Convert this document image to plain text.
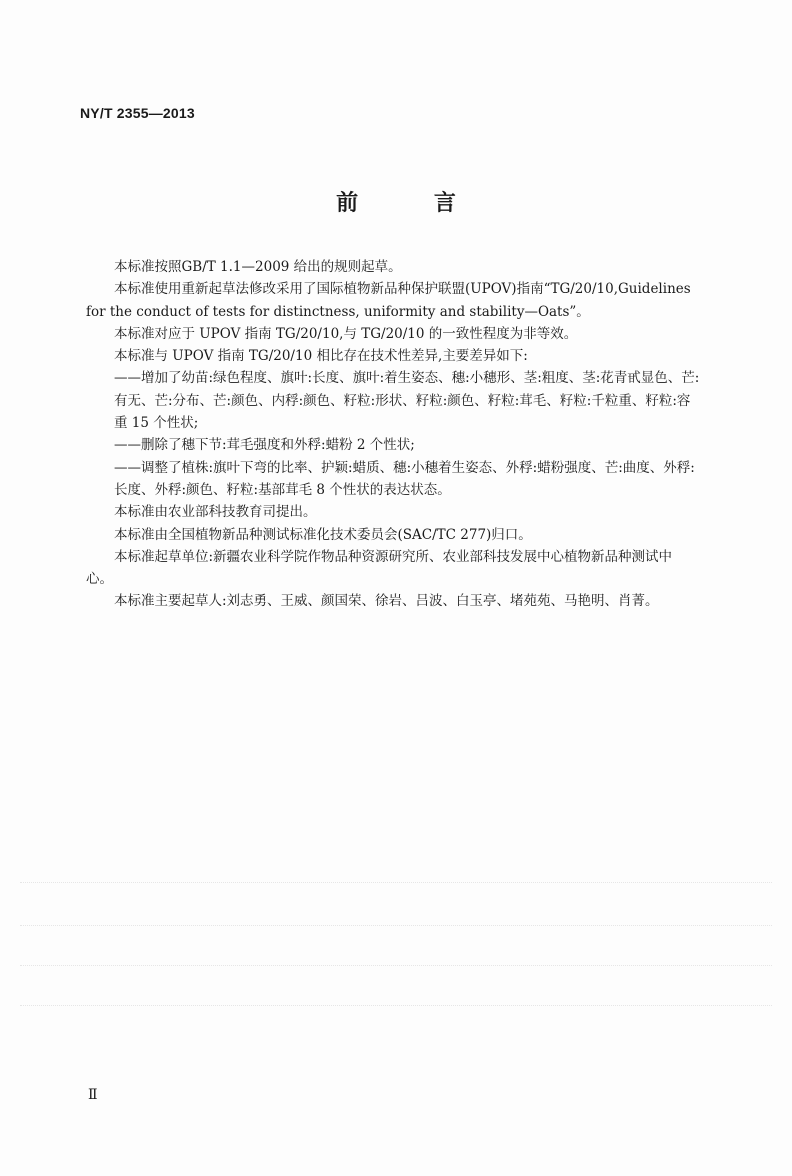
NY/T 2355—2013
前 言

本标准按照GB/T 1.1—2009 给出的规则起草。

本标准使用重新起草法修改采用了国际植物新品种保护联盟(UPOV)指南“TG/20/10,Guidelines

for the conduct of tests for distinctness, uniformity and stability—Oats”。

本标准对应于 UPOV 指南 TG/20/10,与 TG/20/10 的一致性程度为非等效。

本标准与 UPOV 指南 TG/20/10 相比存在技术性差异,主要差异如下:

——增加了幼苗:绿色程度、旗叶:长度、旗叶:着生姿态、穗:小穗形、茎:粗度、茎:花青甙显色、芒:

有无、芒:分布、芒:颜色、内稃:颜色、籽粒:形状、籽粒:颜色、籽粒:茸毛、籽粒:千粒重、籽粒:容

重 15 个性状;

——删除了穗下节:茸毛强度和外稃:蜡粉 2 个性状;

——调整了植株:旗叶下弯的比率、护颖:蜡质、穗:小穗着生姿态、外稃:蜡粉强度、芒:曲度、外稃:

长度、外稃:颜色、籽粒:基部茸毛 8 个性状的表达状态。

本标准由农业部科技教育司提出。

本标准由全国植物新品种测试标准化技术委员会(SAC/TC 277)归口。

本标准起草单位:新疆农业科学院作物品种资源研究所、农业部科技发展中心植物新品种测试中

心。

本标准主要起草人:刘志勇、王威、颜国荣、徐岩、吕波、白玉亭、堵苑苑、马艳明、肖菁。

Ⅱ
